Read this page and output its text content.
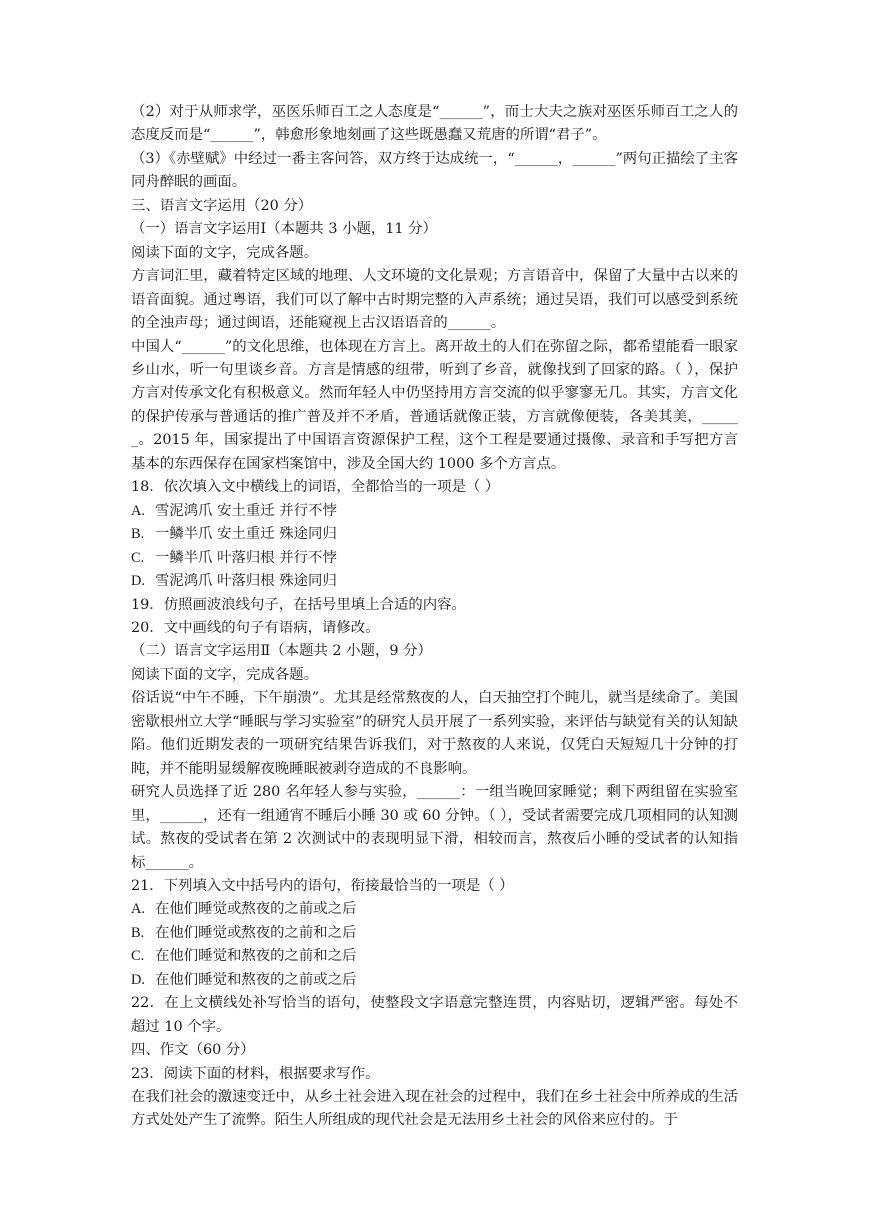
（2）对于从师求学，巫医乐师百工之人态度是“______”，而士大夫之族对巫医乐师百工之人的态度反而是“______”，韩愈形象地刻画了这些既愚蠢又荒唐的所谓“君子”。

（3）《赤壁赋》中经过一番主客问答，双方终于达成统一，“______，______”两句正描绘了主客同舟醉眠的画面。

三、语言文字运用（20 分）

（一）语言文字运用Ⅰ（本题共 3 小题，11 分）

阅读下面的文字，完成各题。

方言词汇里，藏着特定区域的地理、人文环境的文化景观；方言语音中，保留了大量中古以来的语音面貌。通过粤语，我们可以了解中古时期完整的入声系统；通过吴语，我们可以感受到系统的全浊声母；通过闽语，还能窥视上古汉语语音的______。

中国人“______”的文化思维，也体现在方言上。离开故土的人们在弥留之际，都希望能看一眼家乡山水，听一句里谈乡音。方言是情感的纽带，听到了乡音，就像找到了回家的路。（ ），保护方言对传承文化有积极意义。然而年轻人中仍坚持用方言交流的似乎寥寥无几。其实，方言文化的保护传承与普通话的推广普及并不矛盾，普通话就像正装，方言就像便装，各美其美，______。2015 年，国家提出了中国语言资源保护工程，这个工程是要通过摄像、录音和手写把方言基本的东西保存在国家档案馆中，涉及全国大约 1000 多个方言点。

18．依次填入文中横线上的词语，全都恰当的一项是（ ）

A. 雪泥鸿爪 安土重迁 并行不悖

B. 一鳞半爪 安土重迁 殊途同归

C. 一鳞半爪 叶落归根 并行不悖

D. 雪泥鸿爪 叶落归根 殊途同归

19．仿照画波浪线句子，在括号里填上合适的内容。

20．文中画线的句子有语病，请修改。

（二）语言文字运用Ⅱ（本题共 2 小题，9 分）

阅读下面的文字，完成各题。

俗话说“中午不睡，下午崩溃”。尤其是经常熬夜的人，白天抽空打个盹儿，就当是续命了。美国密歇根州立大学“睡眠与学习实验室”的研究人员开展了一系列实验，来评估与缺觉有关的认知缺陷。他们近期发表的一项研究结果告诉我们，对于熬夜的人来说，仅凭白天短短几十分钟的打盹，并不能明显缓解夜晚睡眠被剥夺造成的不良影响。

研究人员选择了近 280 名年轻人参与实验，______：一组当晚回家睡觉；剩下两组留在实验室里，______，还有一组通宵不睡后小睡 30 或 60 分钟。（ ），受试者需要完成几项相同的认知测试。熬夜的受试者在第 2 次测试中的表现明显下滑，相较而言，熬夜后小睡的受试者的认知指标______。

21．下列填入文中括号内的语句，衔接最恰当的一项是（ ）

A. 在他们睡觉或熬夜的之前或之后

B. 在他们睡觉或熬夜的之前和之后

C. 在他们睡觉和熬夜的之前和之后

D. 在他们睡觉和熬夜的之前或之后

22．在上文横线处补写恰当的语句，使整段文字语意完整连贯，内容贴切，逻辑严密。每处不超过 10 个字。

四、作文（60 分）

23．阅读下面的材料，根据要求写作。

在我们社会的激速变迁中，从乡土社会进入现在社会的过程中，我们在乡土社会中所养成的生活方式处处产生了流弊。陌生人所组成的现代社会是无法用乡土社会的风俗来应付的。于
